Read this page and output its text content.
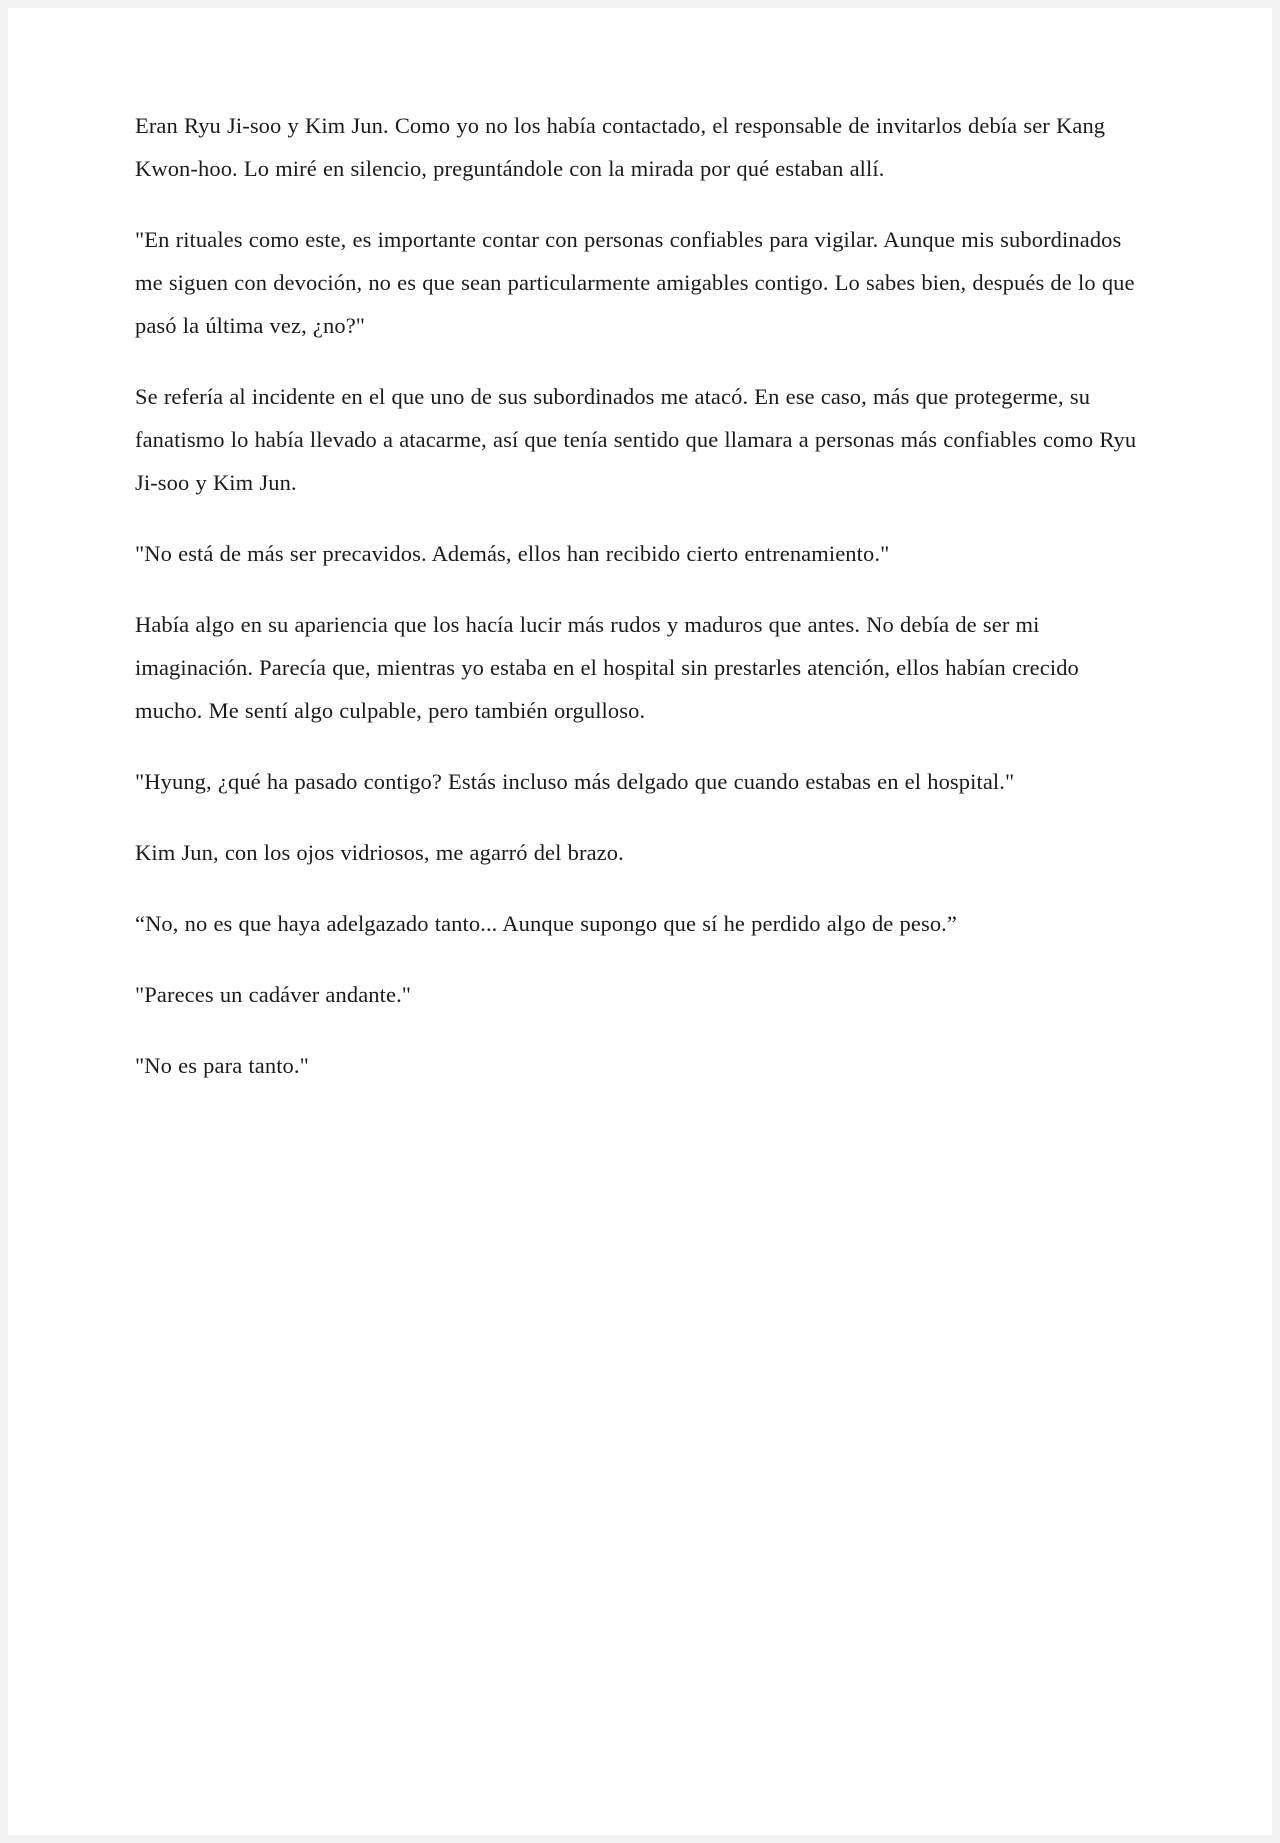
Eran Ryu Ji-soo y Kim Jun. Como yo no los había contactado, el responsable de invitarlos debía ser Kang Kwon-hoo. Lo miré en silencio, preguntándole con la mirada por qué estaban allí.

"En rituales como este, es importante contar con personas confiables para vigilar. Aunque mis subordinados me siguen con devoción, no es que sean particularmente amigables contigo. Lo sabes bien, después de lo que pasó la última vez, ¿no?"

Se refería al incidente en el que uno de sus subordinados me atacó. En ese caso, más que protegerme, su fanatismo lo había llevado a atacarme, así que tenía sentido que llamara a personas más confiables como Ryu Ji-soo y Kim Jun.

"No está de más ser precavidos. Además, ellos han recibido cierto entrenamiento."

Había algo en su apariencia que los hacía lucir más rudos y maduros que antes. No debía de ser mi imaginación. Parecía que, mientras yo estaba en el hospital sin prestarles atención, ellos habían crecido mucho. Me sentí algo culpable, pero también orgulloso.

"Hyung, ¿qué ha pasado contigo? Estás incluso más delgado que cuando estabas en el hospital."

Kim Jun, con los ojos vidriosos, me agarró del brazo.

“No, no es que haya adelgazado tanto... Aunque supongo que sí he perdido algo de peso.”

"Pareces un cadáver andante."

"No es para tanto."
